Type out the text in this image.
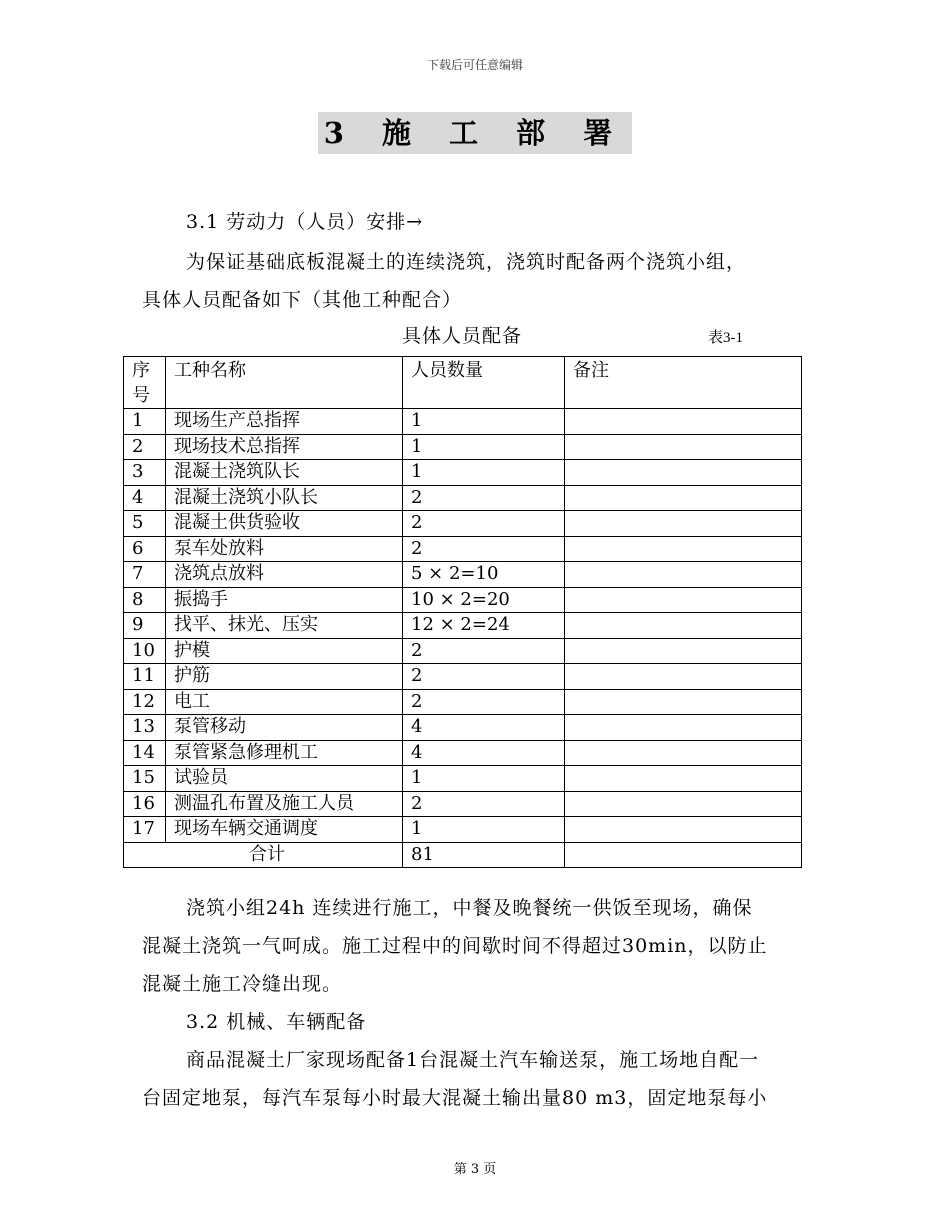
下载后可任意编辑
3 施 工 部 署
3.1 劳动力（人员）安排→
为保证基础底板混凝土的连续浇筑，浇筑时配备两个浇筑小组，
具体人员配备如下（其他工种配合）
具体人员配备	表3-1
序号	工种名称	人员数量	备注
1	现场生产总指挥	1	
2	现场技术总指挥	1	
3	混凝土浇筑队长	1	
4	混凝土浇筑小队长	2	
5	混凝土供货验收	2	
6	泵车处放料	2	
7	浇筑点放料	5 × 2=10	
8	振捣手	10 × 2=20	
9	找平、抹光、压实	12 × 2=24	
10	护模	2	
11	护筋	2	
12	电工	2	
13	泵管移动	4	
14	泵管紧急修理机工	4	
15	试验员	1	
16	测温孔布置及施工人员	2	
17	现场车辆交通调度	1	
合计		81	
浇筑小组24h 连续进行施工，中餐及晚餐统一供饭至现场，确保
混凝土浇筑一气呵成。施工过程中的间歇时间不得超过30min，以防止
混凝土施工冷缝出现。
3.2 机械、车辆配备
商品混凝土厂家现场配备1台混凝土汽车输送泵，施工场地自配一
台固定地泵，每汽车泵每小时最大混凝土输出量80 m3，固定地泵每小
第 3 页
